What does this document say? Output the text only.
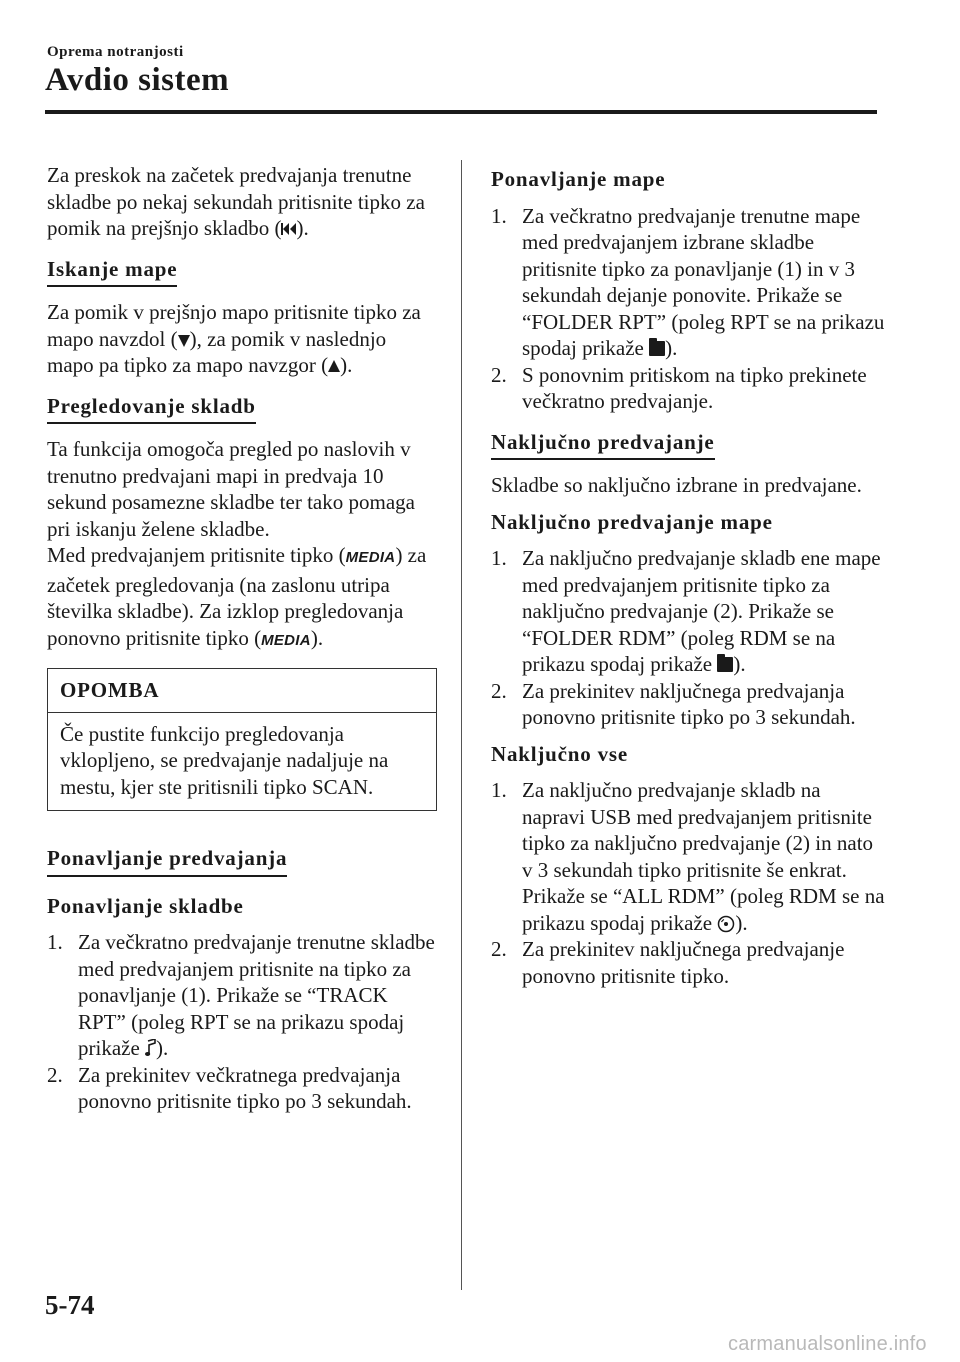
Oprema notranjosti
Avdio sistem

Za preskok na začetek predvajanja trenutne skladbe po nekaj sekundah pritisnite tipko za pomik na prejšnjo skladbo ( ).

Iskanje mape

Za pomik v prejšnjo mapo pritisnite tipko za mapo navzdol ( ), za pomik v naslednjo mapo pa tipko za mapo navzgor ( ).

Pregledovanje skladb

Ta funkcija omogoča pregled po naslovih v trenutno predvajani mapi in predvaja 10 sekund posamezne skladbe ter tako pomaga pri iskanju želene skladbe.

Med predvajanjem pritisnite tipko (MEDIA) za začetek pregledovanja (na zaslonu utripa številka skladbe). Za izklop pregledovanja ponovno pritisnite tipko (MEDIA).

OPOMBA
Če pustite funkcijo pregledovanja vklopljeno, se predvajanje nadaljuje na mestu, kjer ste pritisnili tipko SCAN.
Ponavljanje predvajanja
Ponavljanje skladbe
1. Za večkratno predvajanje trenutne skladbe med predvajanjem pritisnite na tipko za ponavljanje (1). Prikaže se “TRACK RPT” (poleg RPT se na prikazu spodaj prikaže ).
2. Za prekinitev večkratnega predvajanja ponovno pritisnite tipko po 3 sekundah.
Ponavljanje mape
1. Za večkratno predvajanje trenutne mape med predvajanjem izbrane skladbe pritisnite tipko za ponavljanje (1) in v 3 sekundah dejanje ponovite. Prikaže se “FOLDER RPT” (poleg RPT se na prikazu spodaj prikaže ).
2. S ponovnim pritiskom na tipko prekinete večkratno predvajanje.
Naključno predvajanje

Skladbe so naključno izbrane in predvajane.

Naključno predvajanje mape
1. Za naključno predvajanje skladb ene mape med predvajanjem pritisnite tipko za naključno predvajanje (2). Prikaže se “FOLDER RDM” (poleg RDM se na prikazu spodaj prikaže ).
2. Za prekinitev naključnega predvajanja ponovno pritisnite tipko po 3 sekundah.
Naključno vse
1. Za naključno predvajanje skladb na napravi USB med predvajanjem pritisnite tipko za naključno predvajanje (2) in nato v 3 sekundah tipko pritisnite še enkrat. Prikaže se “ALL RDM” (poleg RDM se na prikazu spodaj prikaže ).
2. Za prekinitev naključnega predvajanje ponovno pritisnite tipko.
5-74
carmanualsonline.info
